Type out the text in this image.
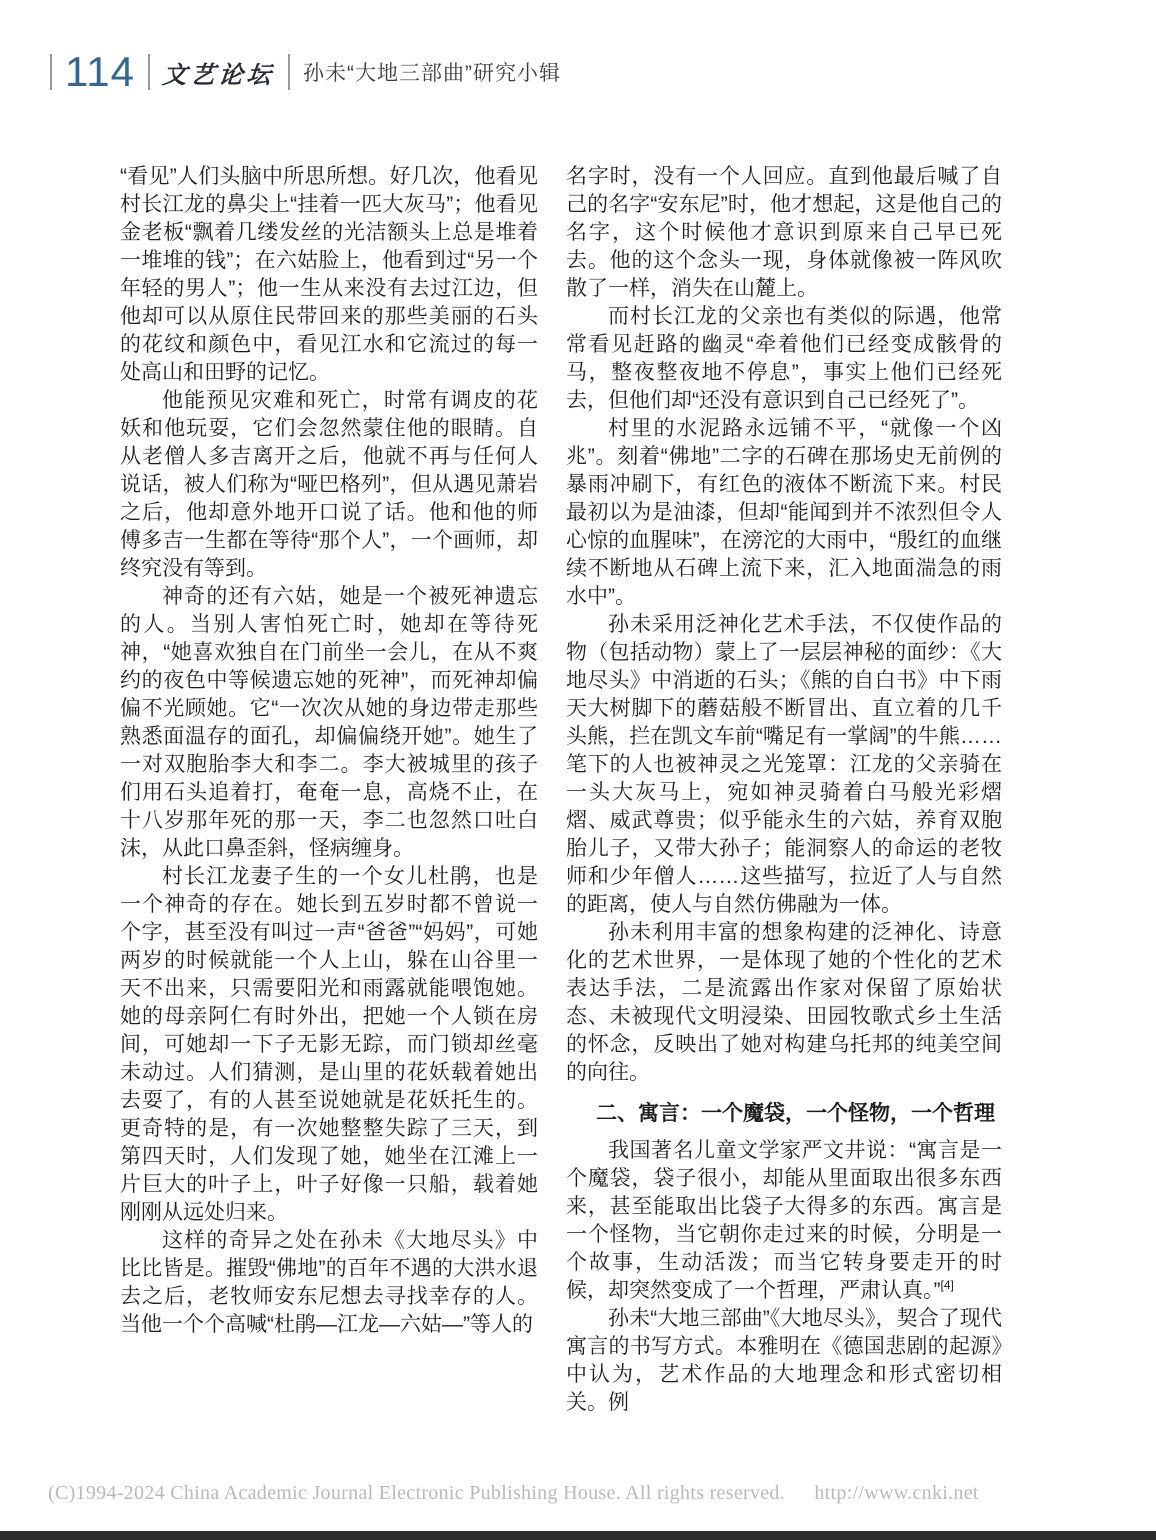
114 文艺论坛 孙未“大地三部曲”研究小辑

“看见”人们头脑中所思所想。好几次，他看见村长江龙的鼻尖上“挂着一匹大灰马”；他看见金老板“飘着几缕发丝的光洁额头上总是堆着一堆堆的钱”；在六姑脸上，他看到过“另一个年轻的男人”；他一生从来没有去过江边，但他却可以从原住民带回来的那些美丽的石头的花纹和颜色中，看见江水和它流过的每一处高山和田野的记忆。

他能预见灾难和死亡，时常有调皮的花妖和他玩耍，它们会忽然蒙住他的眼睛。自从老僧人多吉离开之后，他就不再与任何人说话，被人们称为“哑巴格列”，但从遇见萧岩之后，他却意外地开口说了话。他和他的师傅多吉一生都在等待“那个人”，一个画师，却终究没有等到。

神奇的还有六姑，她是一个被死神遗忘的人。当别人害怕死亡时，她却在等待死神，“她喜欢独自在门前坐一会儿，在从不爽约的夜色中等候遗忘她的死神”，而死神却偏偏不光顾她。它“一次次从她的身边带走那些熟悉面温存的面孔，却偏偏绕开她”。她生了一对双胞胎李大和李二。李大被城里的孩子们用石头追着打，奄奄一息，高烧不止，在十八岁那年死的那一天，李二也忽然口吐白沫，从此口鼻歪斜，怪病缠身。

村长江龙妻子生的一个女儿杜鹃，也是一个神奇的存在。她长到五岁时都不曾说一个字，甚至没有叫过一声“爸爸”“妈妈”，可她两岁的时候就能一个人上山，躲在山谷里一天不出来，只需要阳光和雨露就能喂饱她。她的母亲阿仁有时外出，把她一个人锁在房间，可她却一下子无影无踪，而门锁却丝毫未动过。人们猜测，是山里的花妖载着她出去耍了，有的人甚至说她就是花妖托生的。更奇特的是，有一次她整整失踪了三天，到第四天时，人们发现了她，她坐在江滩上一片巨大的叶子上，叶子好像一只船，载着她刚刚从远处归来。

这样的奇异之处在孙未《大地尽头》中比比皆是。摧毁“佛地”的百年不遇的大洪水退去之后，老牧师安东尼想去寻找幸存的人。当他一个个高喊“杜鹃—江龙—六姑—”等人的

名字时，没有一个人回应。直到他最后喊了自己的名字“安东尼”时，他才想起，这是他自己的名字，这个时候他才意识到原来自己早已死去。他的这个念头一现，身体就像被一阵风吹散了一样，消失在山麓上。

而村长江龙的父亲也有类似的际遇，他常常看见赶路的幽灵“牵着他们已经变成骸骨的马，整夜整夜地不停息”，事实上他们已经死去，但他们却“还没有意识到自己已经死了”。

村里的水泥路永远铺不平，“就像一个凶兆”。刻着“佛地”二字的石碑在那场史无前例的暴雨冲刷下，有红色的液体不断流下来。村民最初以为是油漆，但却“能闻到并不浓烈但令人心惊的血腥味”，在滂沱的大雨中，“殷红的血继续不断地从石碑上流下来，汇入地面湍急的雨水中”。

孙未采用泛神化艺术手法，不仅使作品的物（包括动物）蒙上了一层层神秘的面纱：《大地尽头》中消逝的石头；《熊的自白书》中下雨天大树脚下的蘑菇般不断冒出、直立着的几千头熊，拦在凯文车前“嘴足有一掌阔”的牛熊……笔下的人也被神灵之光笼罩：江龙的父亲骑在一头大灰马上，宛如神灵骑着白马般光彩熠熠、威武尊贵；似乎能永生的六姑，养育双胞胎儿子，又带大孙子；能洞察人的命运的老牧师和少年僧人……这些描写，拉近了人与自然的距离，使人与自然仿佛融为一体。

孙未利用丰富的想象构建的泛神化、诗意化的艺术世界，一是体现了她的个性化的艺术表达手法，二是流露出作家对保留了原始状态、未被现代文明浸染、田园牧歌式乡土生活的怀念，反映出了她对构建乌托邦的纯美空间的向往。

二、寓言：一个魔袋，一个怪物，一个哲理

我国著名儿童文学家严文井说：“寓言是一个魔袋，袋子很小，却能从里面取出很多东西来，甚至能取出比袋子大得多的东西。寓言是一个怪物，当它朝你走过来的时候，分明是一个故事，生动活泼；而当它转身要走开的时候，却突然变成了一个哲理，严肃认真。”[4]

孙未“大地三部曲”《大地尽头》，契合了现代寓言的书写方式。本雅明在《德国悲剧的起源》中认为，艺术作品的大地理念和形式密切相关。例

(C)1994-2024 China Academic Journal Electronic Publishing House. All rights reserved. http://www.cnki.net
